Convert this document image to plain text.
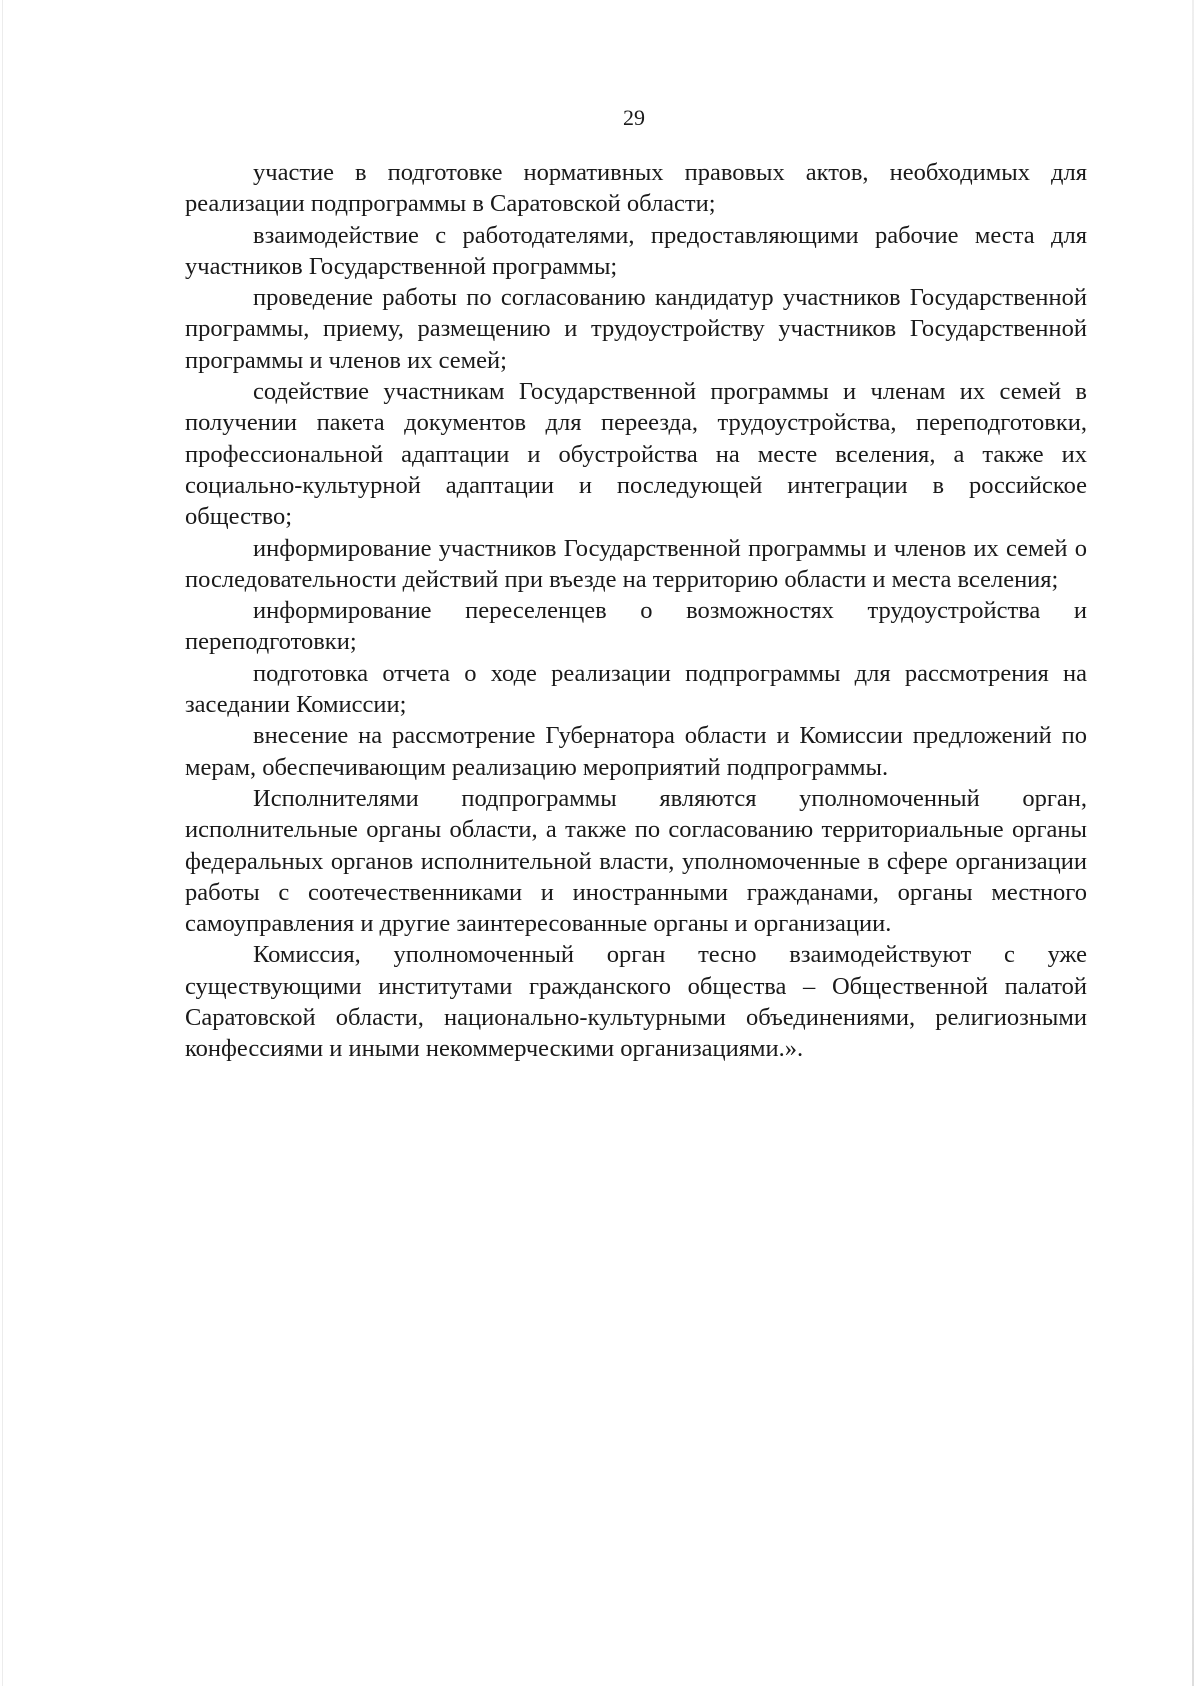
29

участие в подготовке нормативных правовых актов, необходимых для реализации подпрограммы в Саратовской области;

взаимодействие с работодателями, предоставляющими рабочие места для участников Государственной программы;

проведение работы по согласованию кандидатур участников Государственной программы, приему, размещению и трудоустройству участников Государственной программы и членов их семей;

содействие участникам Государственной программы и членам их семей в получении пакета документов для переезда, трудоустройства, переподготовки, профессиональной адаптации и обустройства на месте вселения, а также их социально-культурной адаптации и последующей интеграции в российское общество;

информирование участников Государственной программы и членов их семей о последовательности действий при въезде на территорию области и места вселения;

информирование переселенцев о возможностях трудоустройства и переподготовки;

подготовка отчета о ходе реализации подпрограммы для рассмотрения на заседании Комиссии;

внесение на рассмотрение Губернатора области и Комиссии предложений по мерам, обеспечивающим реализацию мероприятий подпрограммы.

Исполнителями подпрограммы являются уполномоченный орган, исполнительные органы области, а также по согласованию территориальные органы федеральных органов исполнительной власти, уполномоченные в сфере организации работы с соотечественниками и иностранными гражданами, органы местного самоуправления и другие заинтересованные органы и организации.

Комиссия, уполномоченный орган тесно взаимодействуют с уже существующими институтами гражданского общества – Общественной палатой Саратовской области, национально-культурными объединениями, религиозными конфессиями и иными некоммерческими организациями.».
